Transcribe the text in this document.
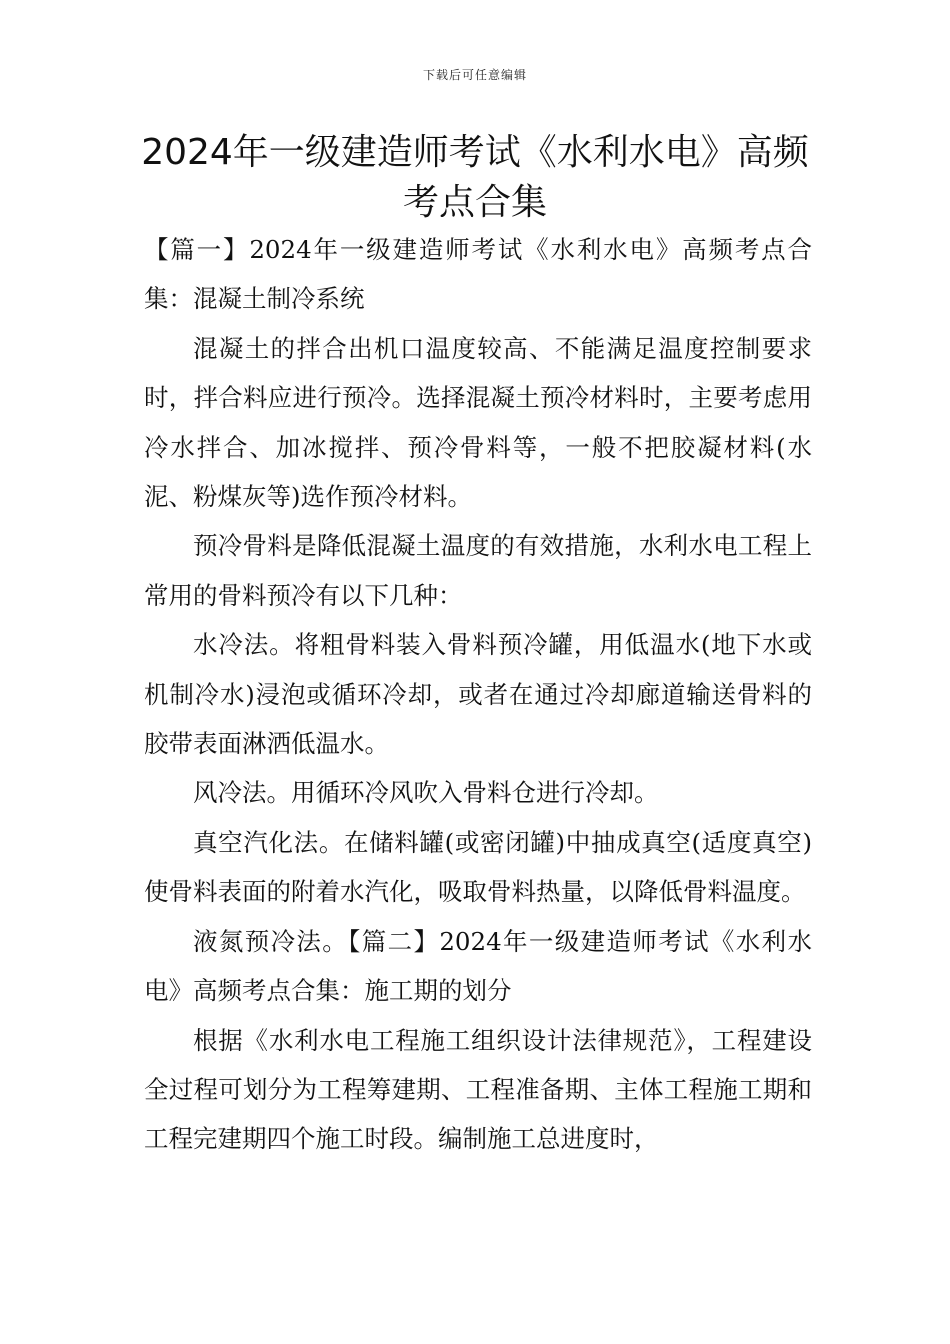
下载后可任意编辑
2024年一级建造师考试《水利水电》高频考点合集

【篇一】2024年一级建造师考试《水利水电》高频考点合集：混凝土制冷系统

混凝土的拌合出机口温度较高、不能满足温度控制要求时，拌合料应进行预冷。选择混凝土预冷材料时，主要考虑用冷水拌合、加冰搅拌、预冷骨料等，一般不把胶凝材料(水泥、粉煤灰等)选作预冷材料。

预冷骨料是降低混凝土温度的有效措施，水利水电工程上常用的骨料预冷有以下几种：

水冷法。将粗骨料装入骨料预冷罐，用低温水(地下水或机制冷水)浸泡或循环冷却，或者在通过冷却廊道输送骨料的胶带表面淋洒低温水。

风冷法。用循环冷风吹入骨料仓进行冷却。

真空汽化法。在储料罐(或密闭罐)中抽成真空(适度真空)使骨料表面的附着水汽化，吸取骨料热量，以降低骨料温度。

液氮预冷法。【篇二】2024年一级建造师考试《水利水电》高频考点合集：施工期的划分

根据《水利水电工程施工组织设计法律规范》，工程建设全过程可划分为工程筹建期、工程准备期、主体工程施工期和工程完建期四个施工时段。编制施工总进度时，
